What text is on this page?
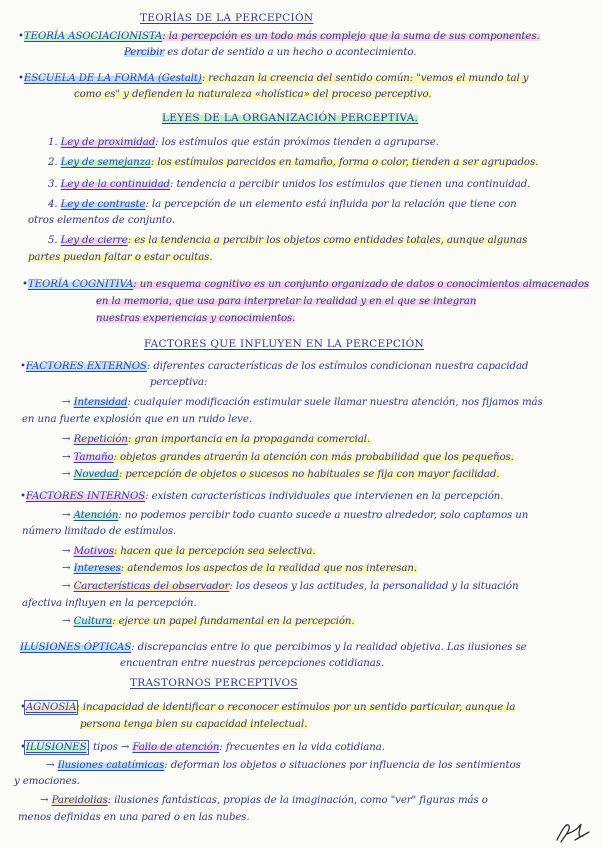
TEORÍAS DE LA PERCEPCIÓN
•TEORÍA ASOCIACIONISTA: la percepción es un todo más complejo que la suma de sus componentes.
Percibir es dotar de sentido a un hecho o acontecimiento.
•ESCUELA DE LA FORMA (Gestalt): rechazan la creencia del sentido común: "vemos el mundo tal y
como es" y defienden la naturaleza «holística» del proceso perceptivo.
LEYES DE LA ORGANIZACIÓN PERCEPTIVA.
1. Ley de proximidad: los estímulos que están próximos tienden a agruparse.
2. Ley de semejanza: los estímulos parecidos en tamaño, forma o color, tienden a ser agrupados.
3. Ley de la continuidad: tendencia a percibir unidos los estímulos que tienen una continuidad.
4. Ley de contraste: la percepción de un elemento está influida por la relación que tiene con
otros elementos de conjunto.
5. Ley de cierre: es la tendencia a percibir los objetos como entidades totales, aunque algunas
partes puedan faltar o estar ocultas.
•TEORÍA COGNITIVA: un esquema cognitivo es un conjunto organizado de datos o conocimientos almacenados
en la memoria, que usa para interpretar la realidad y en el que se integran
nuestras experiencias y conocimientos.
FACTORES QUE INFLUYEN EN LA PERCEPCIÓN
•FACTORES EXTERNOS: diferentes características de los estímulos condicionan nuestra capacidad
perceptiva:
→ Intensidad: cualquier modificación estimular suele llamar nuestra atención, nos fijamos más
en una fuerte explosión que en un ruido leve.
→ Repetición: gran importancia en la propaganda comercial.
→ Tamaño: objetos grandes atraerán la atención con más probabilidad que los pequeños.
→ Novedad: percepción de objetos o sucesos no habituales se fija con mayor facilidad.
•FACTORES INTERNOS: existen características individuales que intervienen en la percepción.
→ Atención: no podemos percibir todo cuanto sucede a nuestro alrededor, solo captamos un
número limitado de estímulos.
→ Motivos: hacen que la percepción sea selectiva.
→ Intereses: atendemos los aspectos de la realidad que nos interesan.
→ Características del observador: los deseos y las actitudes, la personalidad y la situación
afectiva influyen en la percepción.
→ Cultura: ejerce un papel fundamental en la percepción.
ILUSIONES ÓPTICAS: discrepancias entre lo que percibimos y la realidad objetiva. Las ilusiones se
encuentran entre nuestras percepciones cotidianas.
TRASTORNOS PERCEPTIVOS
•AGNOSIA: incapacidad de identificar o reconocer estímulos por un sentido particular, aunque la
persona tenga bien su capacidad intelectual.
•ILUSIONES: tipos → Fallo de atención: frecuentes en la vida cotidiana.
→ Ilusiones catatímicas: deforman los objetos o situaciones por influencia de los sentimientos
y emociones.
→ Pareidolias: ilusiones fantásticas, propias de la imaginación, como "ver" figuras más o
menos definidas en una pared o en las nubes.
